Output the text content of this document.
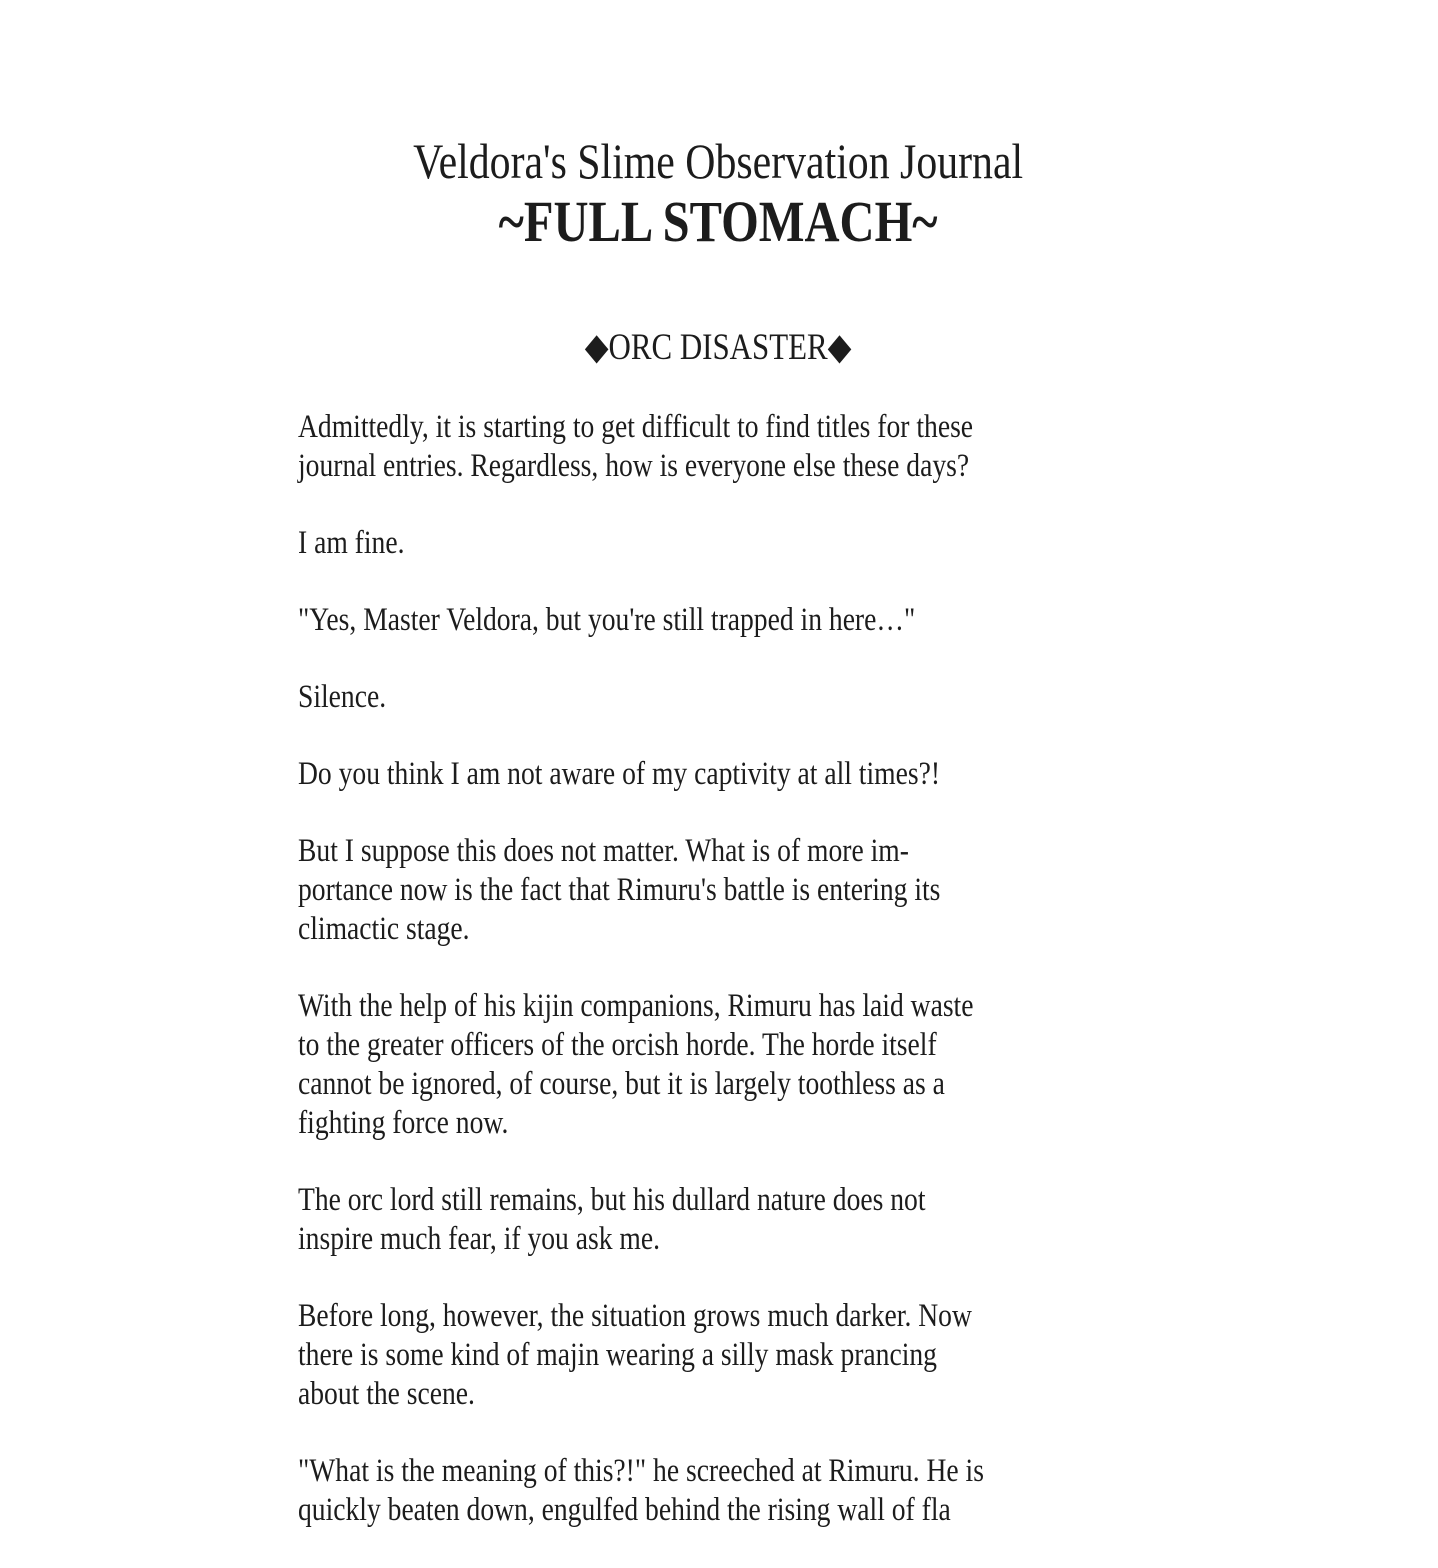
Veldora's Slime Observation Journal
~FULL STOMACH~
◆ORC DISASTER◆

Admittedly, it is starting to get difficult to find titles for these
journal entries. Regardless, how is everyone else these days?

I am fine.

"Yes, Master Veldora, but you're still trapped in here…"

Silence.

Do you think I am not aware of my captivity at all times?!

But I suppose this does not matter. What is of more im-
portance now is the fact that Rimuru's battle is entering its
climactic stage.

With the help of his kijin companions, Rimuru has laid waste
to the greater officers of the orcish horde. The horde itself
cannot be ignored, of course, but it is largely toothless as a
fighting force now.

The orc lord still remains, but his dullard nature does not
inspire much fear, if you ask me.

Before long, however, the situation grows much darker. Now
there is some kind of majin wearing a silly mask prancing
about the scene.

"What is the meaning of this?!" he screeched at Rimuru. He is
quickly beaten down, engulfed behind the rising wall of fla
